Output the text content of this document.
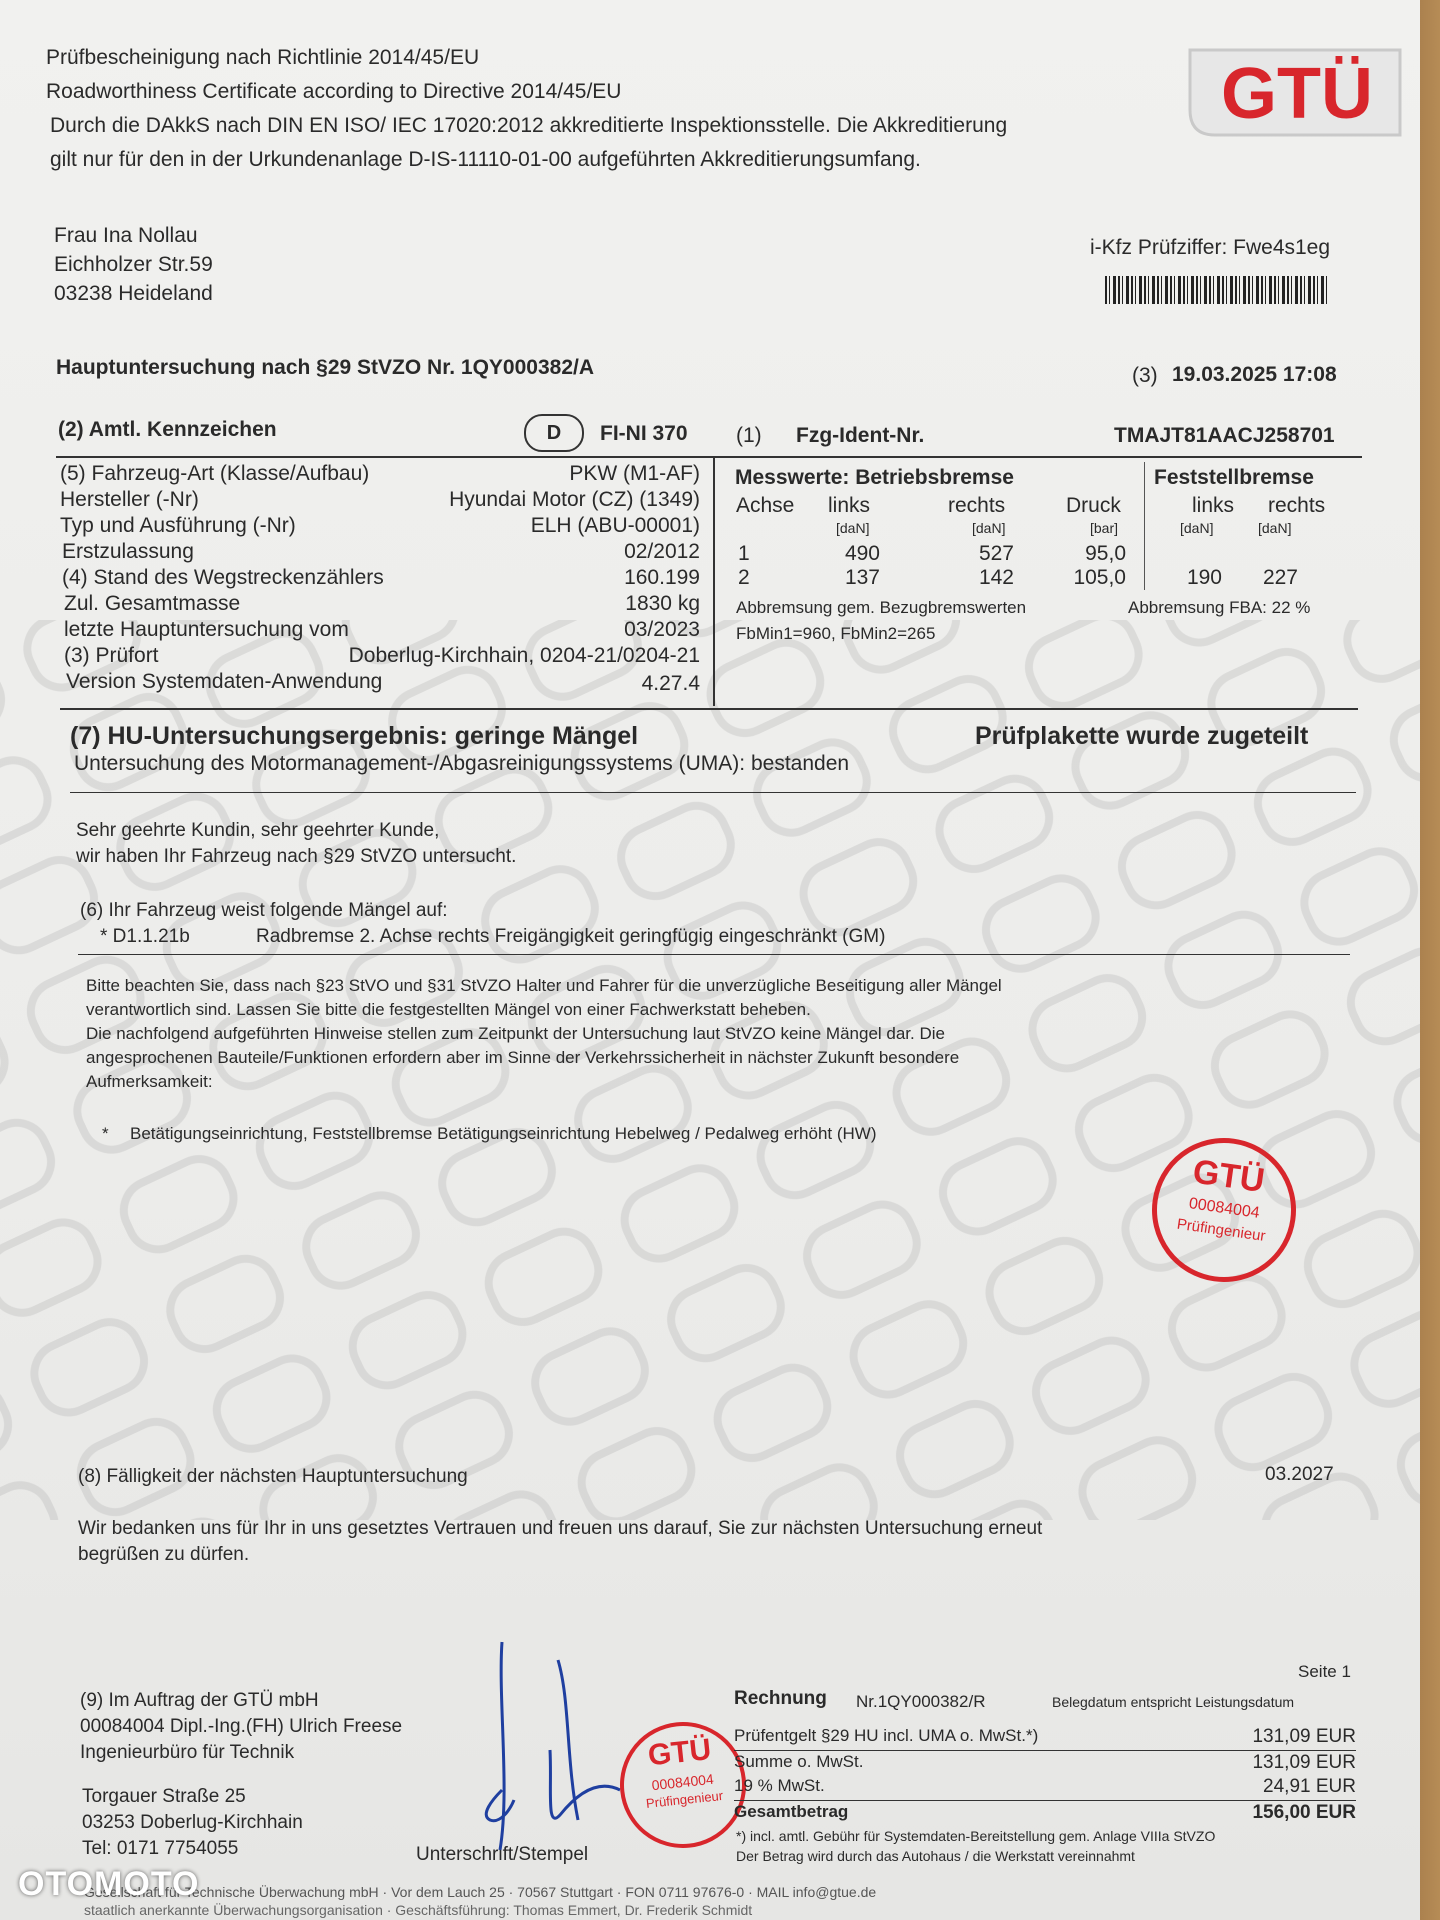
Prüfbescheinigung nach Richtlinie 2014/45/EU
Roadworthiness Certificate according to Directive 2014/45/EU
Durch die DAkkS nach DIN EN ISO/ IEC 17020:2012 akkreditierte Inspektionsstelle. Die Akkreditierung
gilt nur für den in der Urkundenanlage D-IS-11110-01-00 aufgeführten Akkreditierungsumfang.
GTÜ
Frau Ina Nollau
Eichholzer Str.59
03238 Heideland
i-Kfz Prüfziffer: Fwe4s1eg
Hauptuntersuchung nach §29 StVZO Nr. 1QY000382/A	(3) 19.03.2025 17:08
(2) Amtl. Kennzeichen	D	FI-NI 370 (1) Fzg-Ident-Nr.	TMAJT81AACJ258701
(5) Fahrzeug-Art (Klasse/Aufbau)	PKW (M1-AF)
Hersteller (-Nr)	Hyundai Motor (CZ) (1349)
Typ und Ausführung (-Nr)	ELH (ABU-00001)
Erstzulassung	02/2012
(4) Stand des Wegstreckenzählers	160.199
Zul. Gesamtmasse	1830 kg
letzte Hauptuntersuchung vom	03/2023
(3) Prüfort	Doberlug-Kirchhain, 0204-21/0204-21
Version Systemdaten-Anwendung	4.27.4
Messwerte: Betriebsbremse	Feststellbremse
Achse links	rechts	Druck	links rechts
[daN]	[daN]	[bar]	[daN]	[daN]
1	490	527	95,0
2	137	142	105,0	190	227
Abbremsung gem. Bezugbremswerten	Abbremsung FBA: 22 %
FbMin1=960, FbMin2=265
(7) HU-Untersuchungsergebnis: geringe Mängel	Prüfplakette wurde zugeteilt
Untersuchung des Motormanagement-/Abgasreinigungssystems (UMA): bestanden
Sehr geehrte Kundin, sehr geehrter Kunde,
wir haben Ihr Fahrzeug nach §29 StVZO untersucht.
(6) Ihr Fahrzeug weist folgende Mängel auf:
* D1.1.21b	Radbremse 2. Achse rechts Freigängigkeit geringfügig eingeschränkt (GM)
Bitte beachten Sie, dass nach §23 StVO und §31 StVZO Halter und Fahrer für die unverzügliche Beseitigung aller Mängel
verantwortlich sind. Lassen Sie bitte die festgestellten Mängel von einer Fachwerkstatt beheben.
Die nachfolgend aufgeführten Hinweise stellen zum Zeitpunkt der Untersuchung laut StVZO keine Mängel dar. Die
angesprochenen Bauteile/Funktionen erfordern aber im Sinne der Verkehrssicherheit in nächster Zukunft besondere
Aufmerksamkeit:
* Betätigungseinrichtung, Feststellbremse Betätigungseinrichtung Hebelweg / Pedalweg erhöht (HW)
GTÜ
00084004
Prüfingenieur
(8) Fälligkeit der nächsten Hauptuntersuchung	03.2027
Wir bedanken uns für Ihr in uns gesetztes Vertrauen und freuen uns darauf, Sie zur nächsten Untersuchung erneut
begrüßen zu dürfen.
(9) Im Auftrag der GTÜ mbH
00084004 Dipl.-Ing.(FH) Ulrich Freese
Ingenieurbüro für Technik
Torgauer Straße 25
03253 Doberlug-Kirchhain
Tel: 0171 7754055	Unterschrift/Stempel
GTÜ
00084004
Prüfingenieur
Seite 1
Rechnung Nr.1QY000382/R	Belegdatum entspricht Leistungsdatum
Prüfentgelt §29 HU incl. UMA o. MwSt.*)	131,09 EUR
Summe o. MwSt.	131,09 EUR
19 % MwSt.	24,91 EUR
Gesamtbetrag	156,00 EUR
*) incl. amtl. Gebühr für Systemdaten-Bereitstellung gem. Anlage VIIIa StVZO
Der Betrag wird durch das Autohaus / die Werkstatt vereinnahmt
Gesellschaft für Technische Überwachung mbH · Vor dem Lauch 25 · 70567 Stuttgart · FON 0711 97676-0 · MAIL info@gtue.de
staatlich anerkannte Überwachungsorganisation · Geschäftsführung: Thomas Emmert, Dr. Frederik Schmidt
OTOMOTO
